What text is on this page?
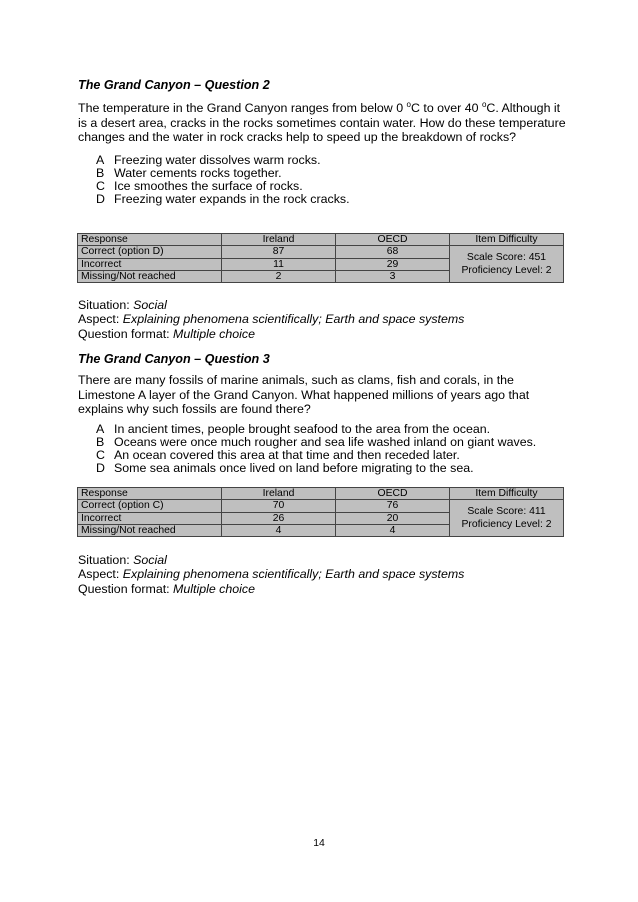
The Grand Canyon – Question 2

The temperature in the Grand Canyon ranges from below 0 $^o$C to over 40 $^o$C. Although it is a desert area, cracks in the rocks sometimes contain water. How do these temperature changes and the water in rock cracks help to speed up the breakdown of rocks?

A Freezing water dissolves warm rocks.
B Water cements rocks together.
C Ice smoothes the surface of rocks.
D Freezing water expands in the rock cracks.
Response	Ireland	OECD	Item Difficulty
Correct (option D)	87	68	Scale Score: 451
Proficiency Level: 2

Incorrect	11	29	
Missing/Not reached	2	3	
Situation: Social
Aspect: Explaining phenomena scientifically; Earth and space systems
Question format: Multiple choice
The Grand Canyon – Question 3

There are many fossils of marine animals, such as clams, fish and corals, in the Limestone A layer of the Grand Canyon. What happened millions of years ago that explains why such fossils are found there?

A In ancient times, people brought seafood to the area from the ocean.
B Oceans were once much rougher and sea life washed inland on giant waves.
C An ocean covered this area at that time and then receded later.
D Some sea animals once lived on land before migrating to the sea.
Response	Ireland	OECD	Item Difficulty
Correct (option C)	70	76	Scale Score: 411
Proficiency Level: 2

Incorrect	26	20	
Missing/Not reached	4	4	
Situation: Social
Aspect: Explaining phenomena scientifically; Earth and space systems
Question format: Multiple choice
14
